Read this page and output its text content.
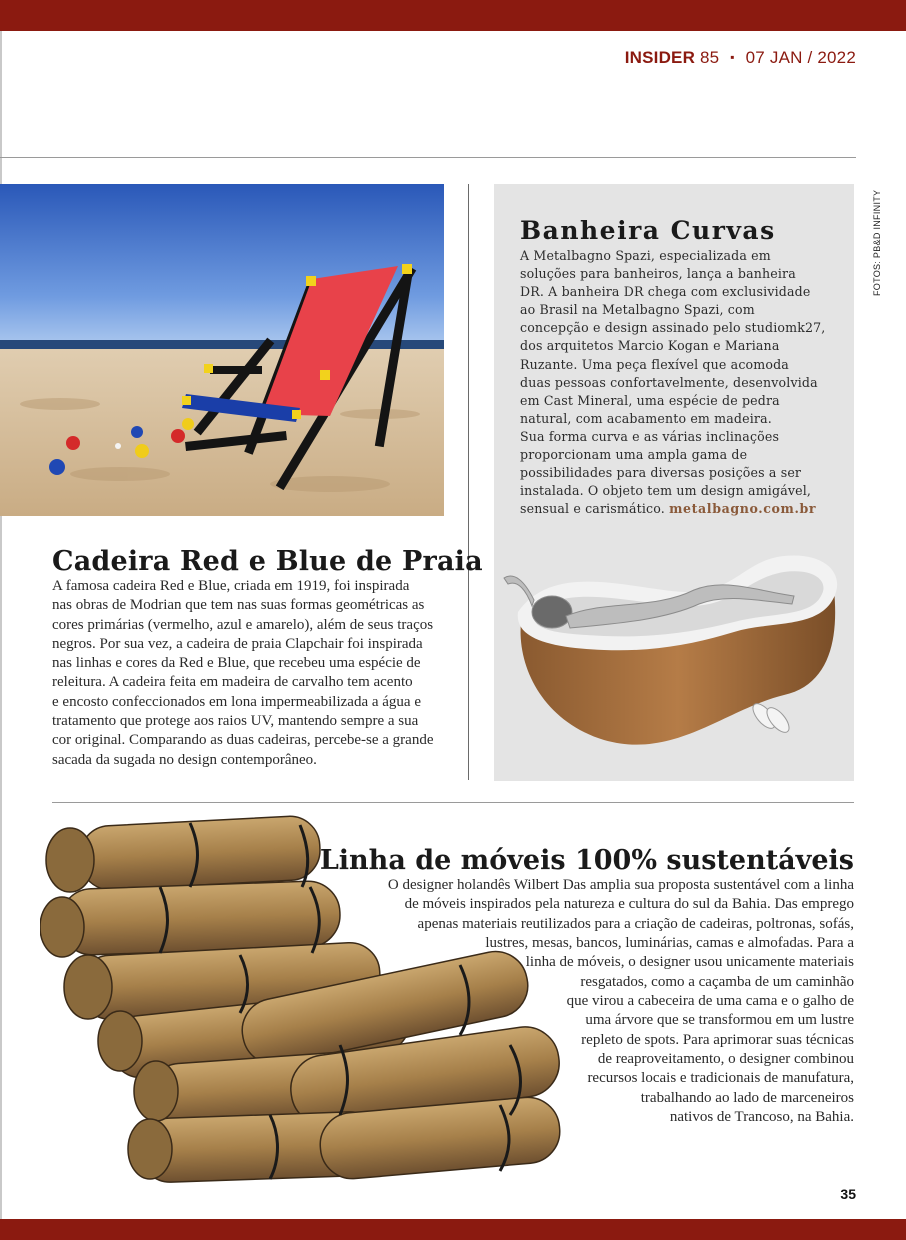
INSIDER 85 ▪ 07 JAN / 2022
FOTOS: PB&D INFINITY
Cadeira Red e Blue de Praia

A famosa cadeira Red e Blue, criada em 1919, foi inspirada

nas obras de Modrian que tem nas suas formas geométricas as

cores primárias (vermelho, azul e amarelo), além de seus traços

negros. Por sua vez, a cadeira de praia Clapchair foi inspirada

nas linhas e cores da Red e Blue, que recebeu uma espécie de

releitura. A cadeira feita em madeira de carvalho tem acento

e encosto confeccionados em lona impermeabilizada a água e

tratamento que protege aos raios UV, mantendo sempre a sua

cor original. Comparando as duas cadeiras, percebe-se a grande

sacada da sugada no design contemporâneo.

Banheira Curvas
A Metalbagno Spazi, especializada em
soluções para banheiros, lança a banheira
DR. A banheira DR chega com exclusividade
ao Brasil na Metalbagno Spazi, com
concepção e design assinado pelo studiomk27,
dos arquitetos Marcio Kogan e Mariana
Ruzante. Uma peça flexível que acomoda
duas pessoas confortavelmente, desenvolvida
em Cast Mineral, uma espécie de pedra
natural, com acabamento em madeira.
Sua forma curva e as várias inclinações
proporcionam uma ampla gama de
possibilidades para diversas posições a ser
instalada. O objeto tem um design amigável,
sensual e carismático. metalbagno.com.br
Linha de móveis 100% sustentáveis
O designer holandês Wilbert Das amplia sua proposta sustentável com a linha
de móveis inspirados pela natureza e cultura do sul da Bahia. Das emprego
apenas materiais reutilizados para a criação de cadeiras, poltronas, sofás,
lustres, mesas, bancos, luminárias, camas e almofadas. Para a
linha de móveis, o designer usou unicamente materiais
resgatados, como a caçamba de um caminhão
que virou a cabeceira de uma cama e o galho de
uma árvore que se transformou em um lustre
repleto de spots. Para aprimorar suas técnicas
de reaproveitamento, o designer combinou
recursos locais e tradicionais de manufatura,
trabalhando ao lado de marceneiros
nativos de Trancoso, na Bahia.
35
